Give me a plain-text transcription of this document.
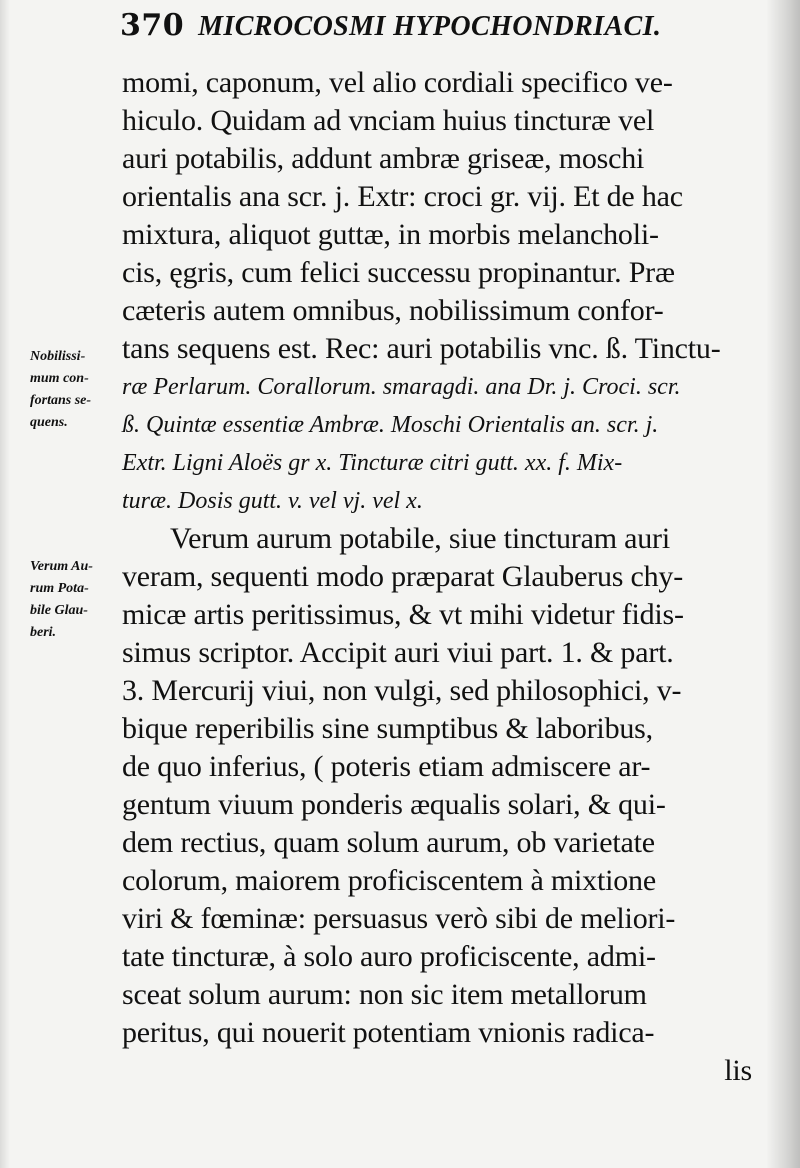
370 MICROCOSMI HYPOCHONDRIACI.
Nobilissi-
mum con-
fortans se-
quens.
Verum Au-
rum Pota-
bile Glau-
beri.
momi, caponum, vel alio cordiali specifico ve-
hiculo. Quidam ad vnciam huius tincturæ vel
auri potabilis, addunt ambræ griseæ, moschi
orientalis ana scr. j. Extr: croci gr. vij. Et de hac
mixtura, aliquot guttæ, in morbis melancholi-
cis, ęgris, cum felici successu propinantur. Præ
cæteris autem omnibus, nobilissimum confor-
tans sequens est. Rec: auri potabilis vnc. ß. Tinctu-
ræ Perlarum. Corallorum. smaragdi. ana Dr. j. Croci. scr.
ß. Quintæ essentiæ Ambræ. Moschi Orientalis an. scr. j.
Extr. Ligni Aloës gr x. Tincturæ citri gutt. xx. f. Mix-
turæ. Dosis gutt. v. vel vj. vel x.
Verum aurum potabile, siue tincturam auri
veram, sequenti modo præparat Glauberus chy-
micæ artis peritissimus, & vt mihi videtur fidis-
simus scriptor. Accipit auri viui part. 1. & part.
3. Mercurij viui, non vulgi, sed philosophici, v-
bique reperibilis sine sumptibus & laboribus,
de quo inferius, ( poteris etiam admiscere ar-
gentum viuum ponderis æqualis solari, & qui-
dem rectius, quam solum aurum, ob varietate
colorum, maiorem proficiscentem à mixtione
viri & fœminæ: persuasus verò sibi de meliori-
tate tincturæ, à solo auro proficiscente, admi-
sceat solum aurum: non sic item metallorum
peritus, qui nouerit potentiam vnionis radica-
lis
